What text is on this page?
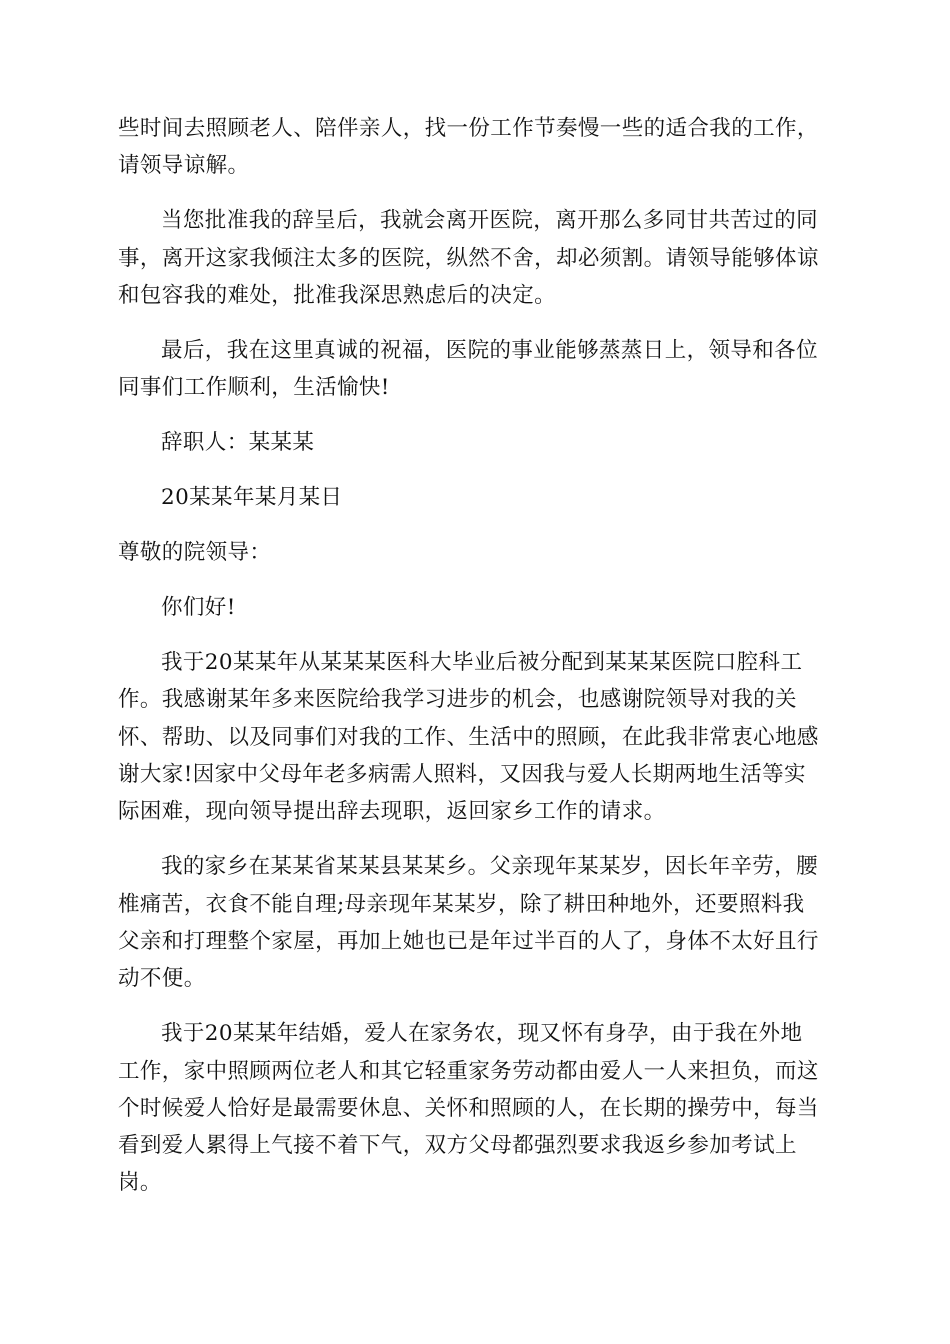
些时间去照顾老人、陪伴亲人，找一份工作节奏慢一些的适合我的工作，
请领导谅解。
当您批准我的辞呈后，我就会离开医院，离开那么多同甘共苦过的同
事，离开这家我倾注太多的医院，纵然不舍，却必须割。请领导能够体谅
和包容我的难处，批准我深思熟虑后的决定。
最后，我在这里真诚的祝福，医院的事业能够蒸蒸日上，领导和各位
同事们工作顺利，生活愉快!
辞职人：某某某
20某某年某月某日
尊敬的院领导：
你们好!
我于20某某年从某某某医科大毕业后被分配到某某某医院口腔科工
作。我感谢某年多来医院给我学习进步的机会，也感谢院领导对我的关
怀、帮助、以及同事们对我的工作、生活中的照顾，在此我非常衷心地感
谢大家!因家中父母年老多病需人照料，又因我与爱人长期两地生活等实
际困难，现向领导提出辞去现职，返回家乡工作的请求。
我的家乡在某某省某某县某某乡。父亲现年某某岁，因长年辛劳，腰
椎痛苦，衣食不能自理;母亲现年某某岁，除了耕田种地外，还要照料我
父亲和打理整个家屋，再加上她也已是年过半百的人了，身体不太好且行
动不便。
我于20某某年结婚，爱人在家务农，现又怀有身孕，由于我在外地
工作，家中照顾两位老人和其它轻重家务劳动都由爱人一人来担负，而这
个时候爱人恰好是最需要休息、关怀和照顾的人，在长期的操劳中，每当
看到爱人累得上气接不着下气，双方父母都强烈要求我返乡参加考试上
岗。
